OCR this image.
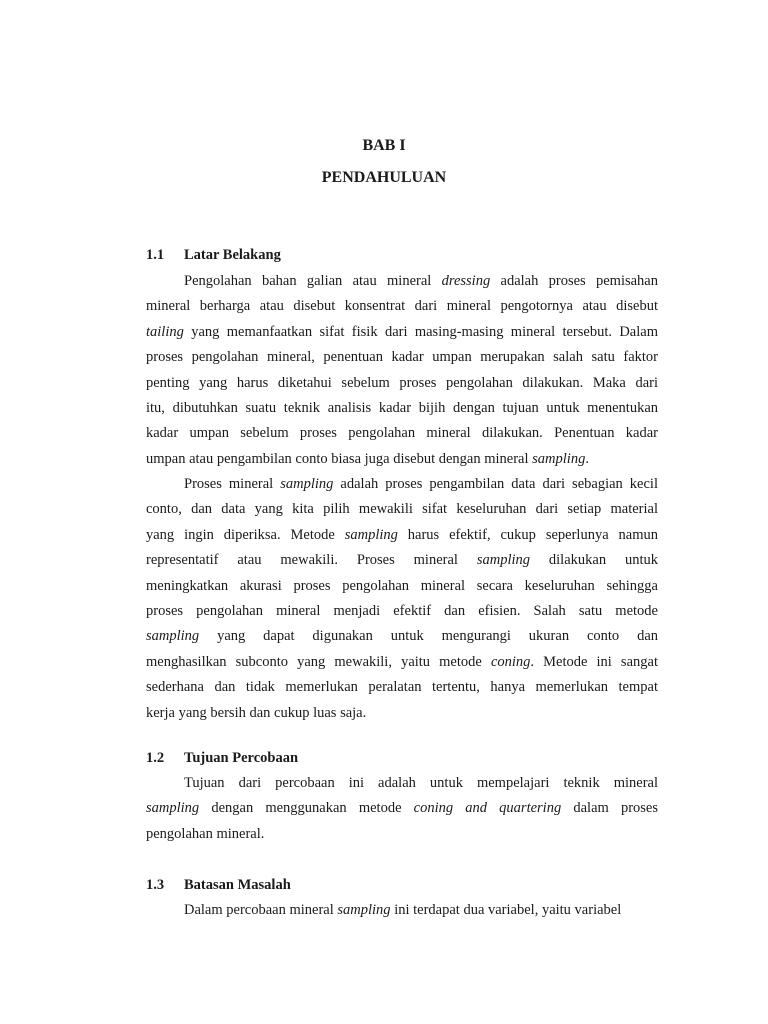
BAB I
PENDAHULUAN
1.1 Latar Belakang

Pengolahan bahan galian atau mineral dressing adalah proses pemisahan
mineral berharga atau disebut konsentrat dari mineral pengotornya atau disebut
tailing yang memanfaatkan sifat fisik dari masing-masing mineral tersebut. Dalam
proses pengolahan mineral, penentuan kadar umpan merupakan salah satu faktor
penting yang harus diketahui sebelum proses pengolahan dilakukan. Maka dari
itu, dibutuhkan suatu teknik analisis kadar bijih dengan tujuan untuk menentukan
kadar umpan sebelum proses pengolahan mineral dilakukan. Penentuan kadar
umpan atau pengambilan conto biasa juga disebut dengan mineral sampling.

Proses mineral sampling adalah proses pengambilan data dari sebagian kecil
conto, dan data yang kita pilih mewakili sifat keseluruhan dari setiap material
yang ingin diperiksa. Metode sampling harus efektif, cukup seperlunya namun
representatif atau mewakili. Proses mineral sampling dilakukan untuk
meningkatkan akurasi proses pengolahan mineral secara keseluruhan sehingga
proses pengolahan mineral menjadi efektif dan efisien. Salah satu metode
sampling yang dapat digunakan untuk mengurangi ukuran conto dan
menghasilkan subconto yang mewakili, yaitu metode coning. Metode ini sangat
sederhana dan tidak memerlukan peralatan tertentu, hanya memerlukan tempat
kerja yang bersih dan cukup luas saja.

1.2 Tujuan Percobaan

Tujuan dari percobaan ini adalah untuk mempelajari teknik mineral
sampling dengan menggunakan metode coning and quartering dalam proses
pengolahan mineral.

1.3 Batasan Masalah

Dalam percobaan mineral sampling ini terdapat dua variabel, yaitu variabel
